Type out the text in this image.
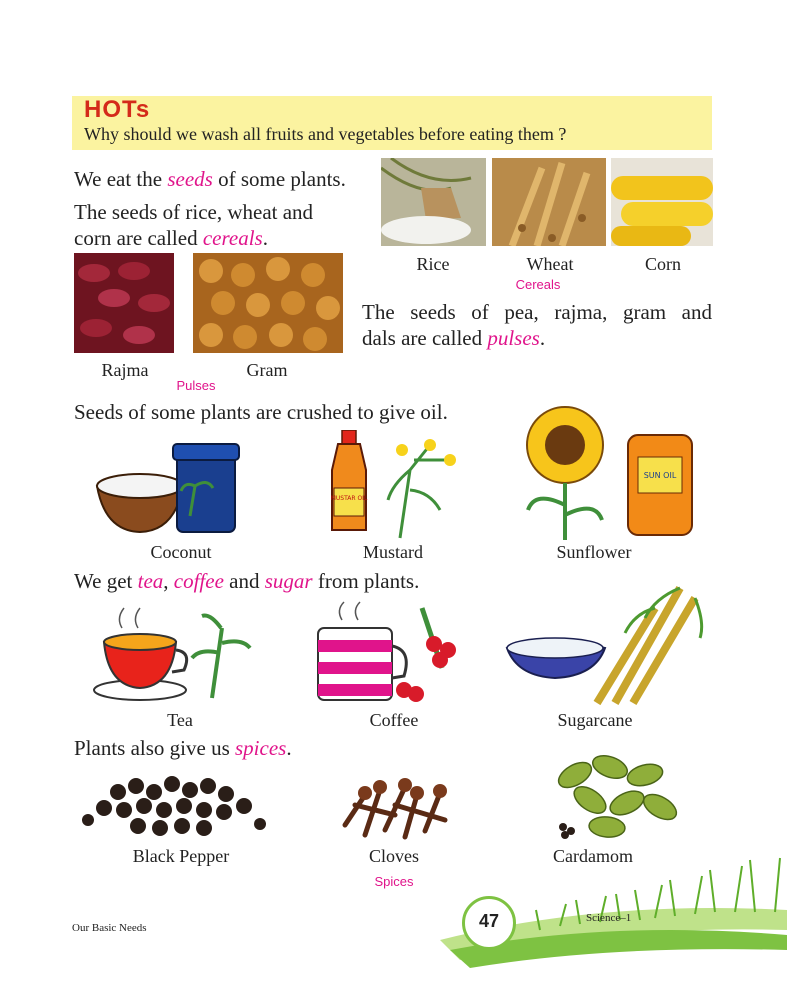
HOTs
Why should we wash all fruits and vegetables before eating them ?
We eat the seeds of some plants.
The seeds of rice, wheat and
corn are called cereals.
Rice	Wheat	Corn
Cereals
Rajma	Gram
Pulses
The seeds of pea, rajma, gram and
dals are called pulses.
Seeds of some plants are crushed to give oil.
MUSTAR OIL
SUN OIL
Coconut	Mustard	Sunflower
We get tea, coffee and sugar from plants.
Tea	Coffee	Sugarcane
Plants also give us spices.
Black Pepper	Cloves	Cardamom
Spices
47
Our Basic Needs
Science–1
